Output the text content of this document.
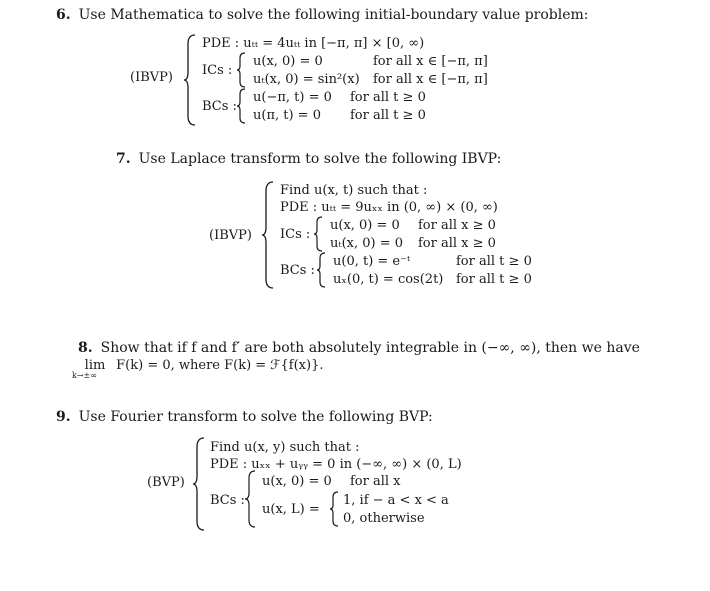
6. Use Mathematica to solve the following initial-boundary value problem:
(IBVP)
PDE : uₜₜ = 4uₜₜ in [−π, π] × [0, ∞)
ICs :
u(x, 0) = 0	for all x ∈ [−π, π]
uₜ(x, 0) = sin²(x) for all x ∈ [−π, π]
BCs :
u(−π, t) = 0 for all t ≥ 0
u(π, t) = 0 for all t ≥ 0
7. Use Laplace transform to solve the following IBVP:
(IBVP)
Find u(x, t) such that :
PDE : uₜₜ = 9uₓₓ in (0, ∞) × (0, ∞)
ICs :
u(x, 0) = 0 for all x ≥ 0
uₜ(x, 0) = 0 for all x ≥ 0
BCs :
u(0, t) = e⁻ᵗ	for all t ≥ 0
uₓ(0, t) = cos(2t) for all t ≥ 0
8. Show that if f and f′ are both absolutely integrable in (−∞, ∞), then we have
lim
k→±∞
F(k) = 0, where F(k) = ℱ{f(x)}.
9. Use Fourier transform to solve the following BVP:
(BVP)
Find u(x, y) such that :
PDE : uₓₓ + uᵧᵧ = 0 in (−∞, ∞) × (0, L)
BCs :
u(x, 0) = 0 for all x
u(x, L) =
1, if − a < x < a
0, otherwise
